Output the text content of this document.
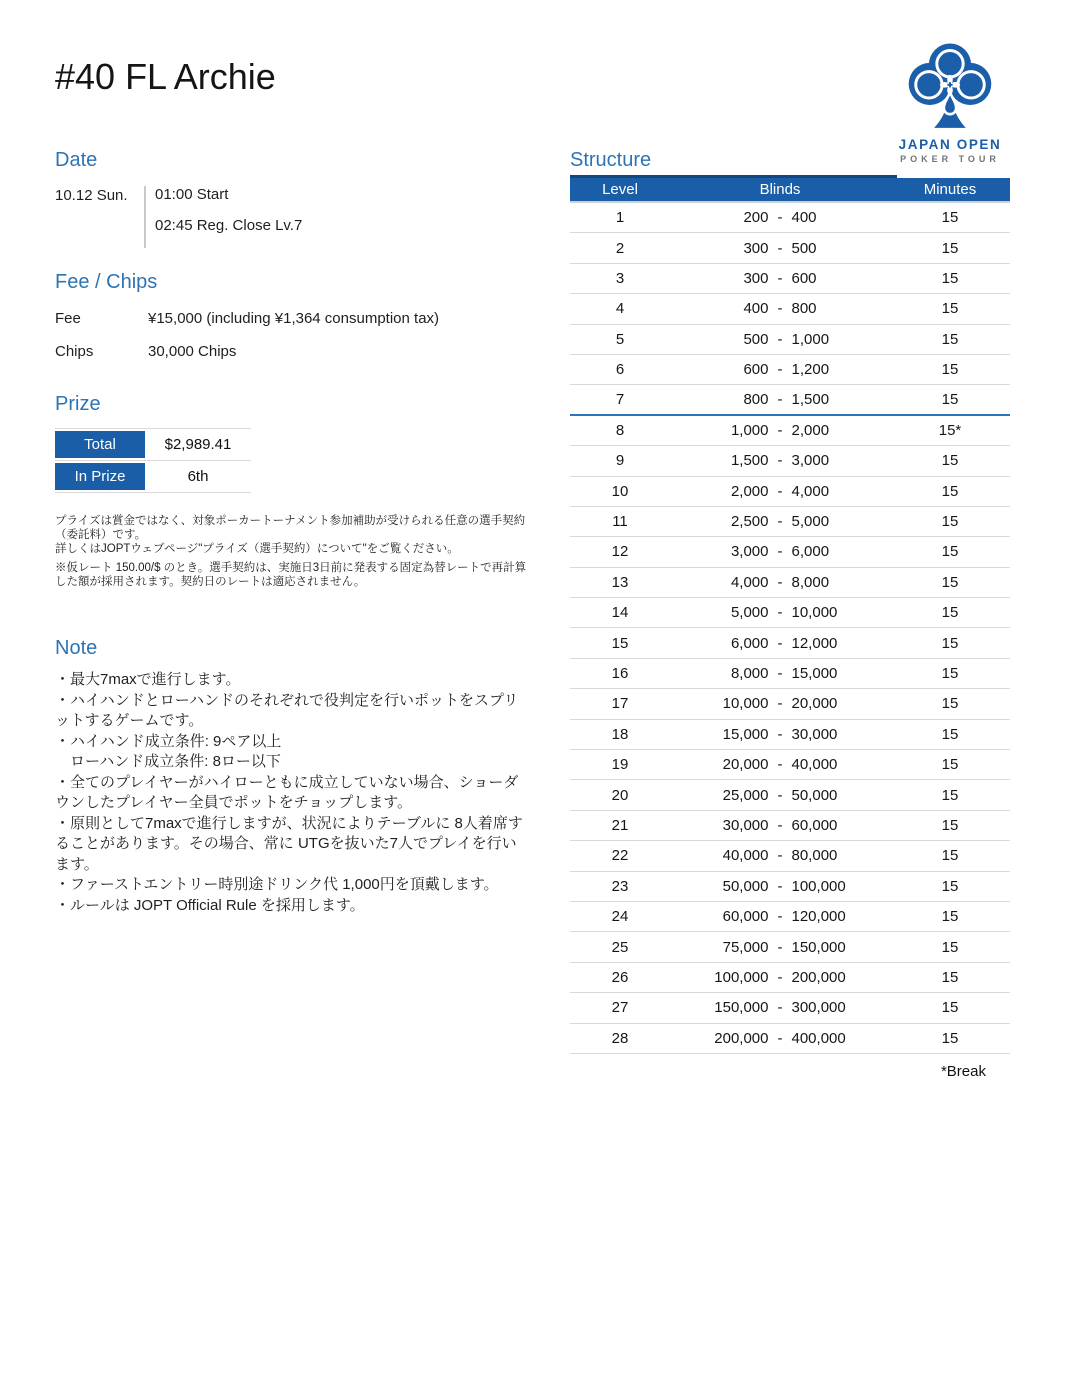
#40 FL Archie
JAPAN OPEN
POKER TOUR
Date
10.12 Sun.	01:00 Start
02:45 Reg. Close Lv.7
Fee / Chips
Fee	¥15,000 (including ¥1,364 consumption tax)
Chips	30,000 Chips
Prize
Total	$2,989.41
In Prize	6th

プライズは賞金ではなく、対象ポーカートーナメント参加補助が受けられる任意の選手契約（委託料）です。

詳しくはJOPTウェブページ"プライズ（選手契約）について"をご覧ください。

※仮レート 150.00/$ のとき。選手契約は、実施日3日前に発表する固定為替レートで再計算した額が採用されます。契約日のレートは適応されません。

Note
・最大7maxで進行します。
・ハイハンドとローハンドのそれぞれで役判定を行いポットをスプリットするゲームです。
・ハイハンド成立条件: 9ペア以上
　ローハンド成立条件: 8ロー以下
・全てのプレイヤーがハイローともに成立していない場合、ショーダウンしたプレイヤー全員でポットをチョップします。
・原則として7maxで進行しますが、状況によりテーブルに 8人着席することがあります。その場合、常に UTGを抜いた7人でプレイを行います。
・ファーストエントリー時別途ドリンク代 1,000円を頂戴します。
・ルールは JOPT Official Rule を採用します。
Structure
Level	Blinds	Minutes
1	200 - 400	15
2	300 - 500	15
3	300 - 600	15
4	400 - 800	15
5	500 - 1,000	15
6	600 - 1,200	15
7	800 - 1,500	15
8	1,000 - 2,000	15*
9	1,500 - 3,000	15
10	2,000 - 4,000	15
11	2,500 - 5,000	15
12	3,000 - 6,000	15
13	4,000 - 8,000	15
14	5,000 - 10,000	15
15	6,000 - 12,000	15
16	8,000 - 15,000	15
17	10,000 - 20,000	15
18	15,000 - 30,000	15
19	20,000 - 40,000	15
20	25,000 - 50,000	15
21	30,000 - 60,000	15
22	40,000 - 80,000	15
23	50,000 - 100,000	15
24	60,000 - 120,000	15
25	75,000 - 150,000	15
26	100,000 - 200,000	15
27	150,000 - 300,000	15
28	200,000 - 400,000	15
*Break
